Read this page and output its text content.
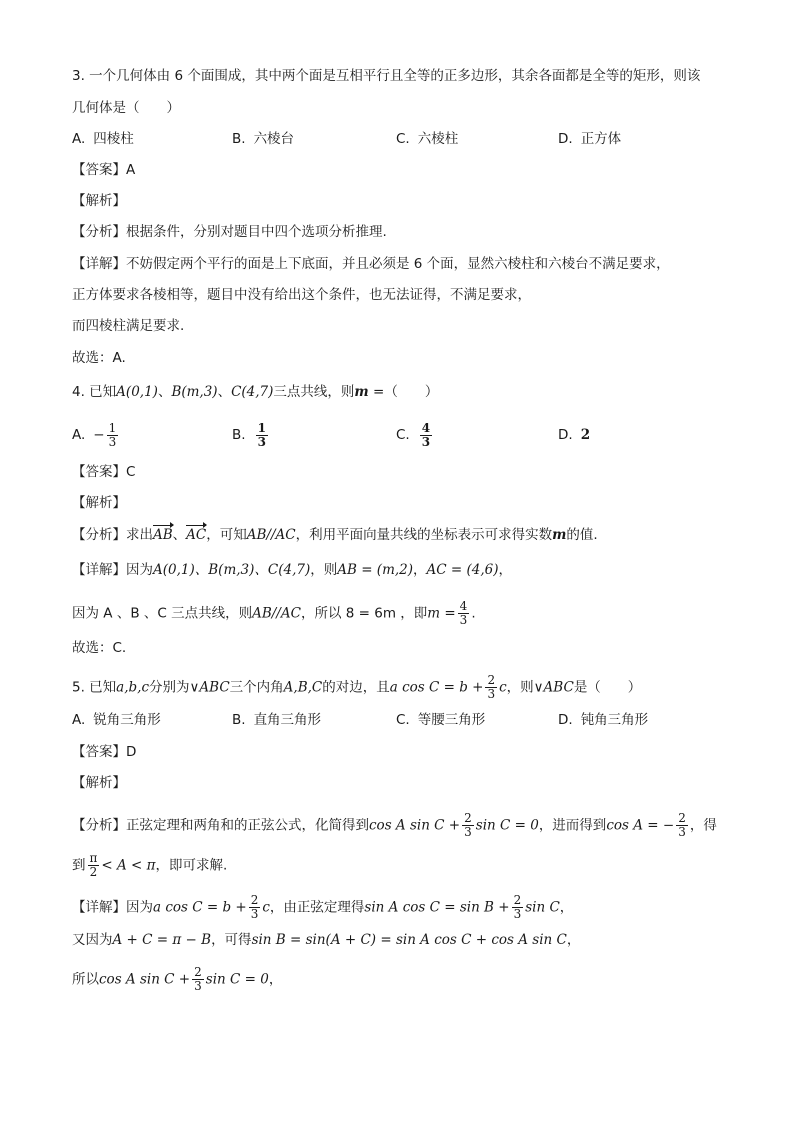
3. 一个几何体由 6 个面围成，其中两个面是互相平行且全等的正多边形，其余各面都是全等的矩形，则该
几何体是（　　）
A. 四棱柱	B. 六棱台	C. 六棱柱	D. 正方体
【答案】A
【解析】
【分析】根据条件，分别对题目中四个选项分析推理.
【详解】不妨假定两个平行的面是上下底面，并且必须是 6 个面，显然六棱柱和六棱台不满足要求，
正方体要求各棱相等，题目中没有给出这个条件，也无法证得，不满足要求，
而四棱柱满足要求.
故选：A.
4. 已知A(0,1)、B(m,3)、C(4,7)三点共线，则m =（　　）
A. − $\frac{1}{3}$	B. $\frac{1}{3}$	C. $\frac{4}{3}$	D. 2
【答案】C
【解析】
【分析】求出AB、AC，可知AB//AC，利用平面向量共线的坐标表示可求得实数m的值.
【详解】因为A(0,1)、B(m,3)、C(4,7)，则AB = (m,2)，AC = (4,6)，
因为 A 、B 、C 三点共线，则AB//AC，所以 8 = 6m ，即$m = \frac{4}{3}$ .
故选：C.
5. 已知a,b,c分别为∨ABC三个内角A,B,C的对边，且a $\cos C = b + \frac{2}{3}$ c，则∨ABC是（　　）
A. 锐角三角形	B. 直角三角形	C. 等腰三角形	D. 钝角三角形
【答案】D
【解析】
【分析】正弦定理和两角和的正弦公式，化简得到cos A $\sin C + \frac{2}{3}$ sin C = 0，进而得到cos A = − $\frac{2}{3}$ ，得
到 $\frac{\pi}{2} < A < \pi$，即可求解.
【详解】因为a $\cos C = b + \frac{2}{3}$ c，由正弦定理得sin A $\cos C = \sin B + \frac{2}{3}$ sin C，
又因为A + C = π − B，可得sin B = sin(A + C) = sin A cos C + cos A sin C，
所以cos A $\sin C + \frac{2}{3}$ sin C = 0，
